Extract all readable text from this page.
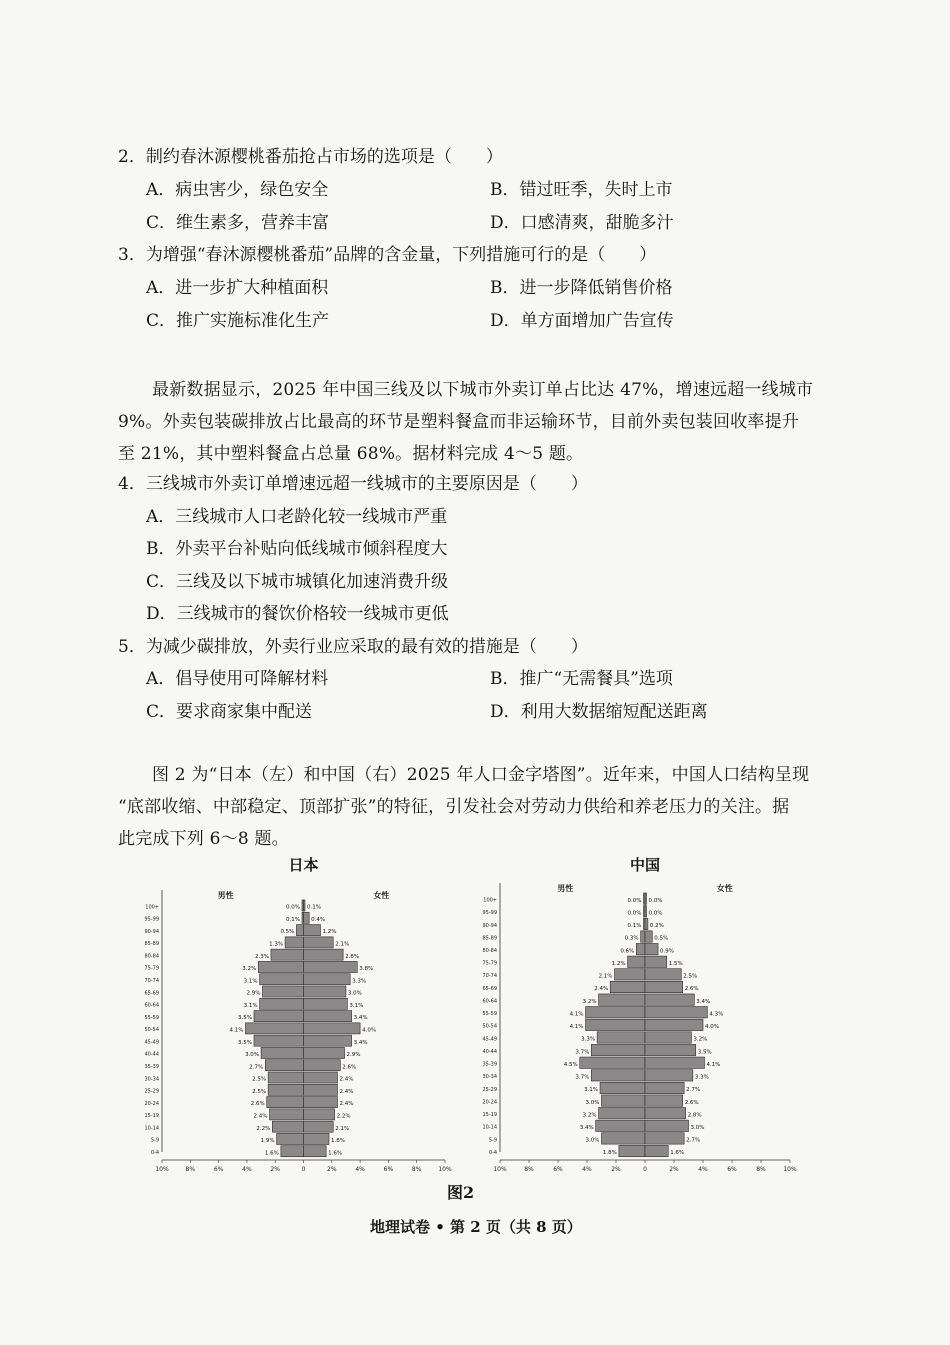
2．制约春沐源樱桃番茄抢占市场的选项是（　　）
A．病虫害少，绿色安全	B．错过旺季，失时上市
C．维生素多，营养丰富	D．口感清爽，甜脆多汁
3．为增强“春沐源樱桃番茄”品牌的含金量，下列措施可行的是（　　）
A．进一步扩大种植面积	B．进一步降低销售价格
C．推广实施标准化生产	D．单方面增加广告宣传
最新数据显示，2025 年中国三线及以下城市外卖订单占比达 47%，增速远超一线城市
9%。外卖包装碳排放占比最高的环节是塑料餐盒而非运输环节，目前外卖包装回收率提升
至 21%，其中塑料餐盒占总量 68%。据材料完成 4～5 题。
4．三线城市外卖订单增速远超一线城市的主要原因是（　　）
A．三线城市人口老龄化较一线城市严重
B．外卖平台补贴向低线城市倾斜程度大
C．三线及以下城市城镇化加速消费升级
D．三线城市的餐饮价格较一线城市更低
5．为减少碳排放，外卖行业应采取的最有效的措施是（　　）
A．倡导使用可降解材料	B．推广“无需餐具”选项
C．要求商家集中配送	D．利用大数据缩短配送距离
图 2 为“日本（左）和中国（右）2025 年人口金字塔图”。近年来，中国人口结构呈现
“底部收缩、中部稳定、顶部扩张”的特征，引发社会对劳动力供给和养老压力的关注。据
此完成下列 6～8 题。
日本
男性	女性
10%	8%	6%	4%	2%	0	2%	4%	6%	8%	10%
100+	0.0% 0.1%
95-99	0.1% 0.4%
90-94	0.5%	1.2%
85-89	1.3%	2.1%
80-84	2.3%	2.8%
75-79	3.2%	3.8%
70-74	3.1%	3.3%
65-69	2.9%	3.0%
60-64	3.1%	3.1%
55-59	3.5%	3.4%
50-54	4.1%	4.0%
45-49	3.5%	3.4%
40-44	3.0%	2.9%
35-39	2.7%	2.6%
30-34	2.5%	2.4%
25-29	2.5%	2.4%
20-24	2.6%	2.4%
15-19	2.4%	2.2%
10-14	2.2%	2.1%
5-9	1.9%	1.8%
0-4	1.6%	1.6%
中国
男性	女性
10%	8%	6%	4%	2%	0	2%	4%	6%	8%	10%
100+	0.0% 0.0%
95-99	0.0% 0.0%
90-94	0.1% 0.2%
85-89	0.3%	0.5%
80-84	0.6%	0.9%
75-79	1.2%	1.5%
70-74	2.1%	2.5%
65-69	2.4%	2.6%
60-64	3.2%	3.4%
55-59	4.1%	4.3%
50-54	4.1%	4.0%
45-49	3.3%	3.2%
40-44	3.7%	3.5%
35-39	4.5%	4.1%
30-34	3.7%	3.3%
25-29	3.1%	2.7%
20-24	3.0%	2.6%
15-19	3.2%	2.8%
10-14	3.4%	3.0%
5-9	3.0%	2.7%
0-4	1.8%	1.6%
图2
地理试卷 • 第 2 页（共 8 页）
